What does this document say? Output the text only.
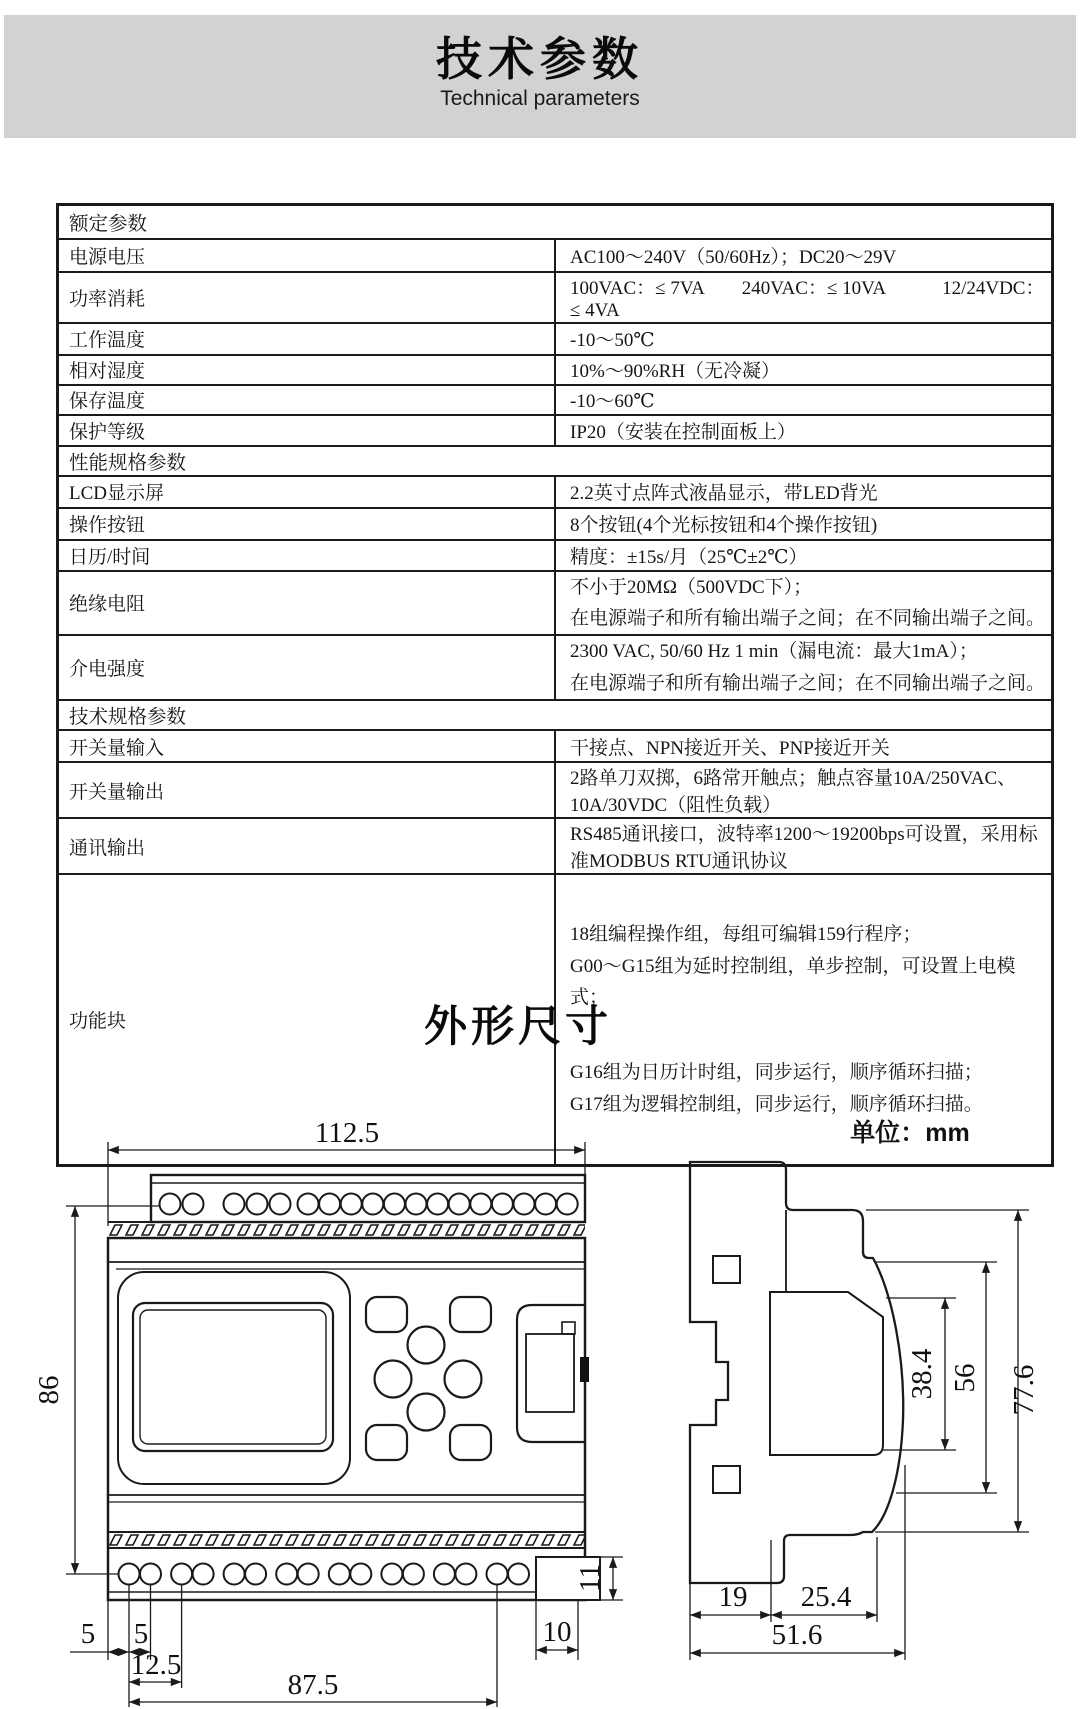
技术参数
Technical parameters
额定参数	
电源电压	AC100～240V（50/60Hz）；DC20～29V
功率消耗	100VAC：≤ 7VA　　240VAC：≤ 10VA　　　12/24VDC：≤ 4VA
工作温度	-10～50℃
相对湿度	10%～90%RH（无冷凝）
保存温度	-10～60℃
保护等级	IP20（安装在控制面板上）
性能规格参数	
LCD显示屏	2.2英寸点阵式液晶显示，带LED背光
操作按钮	8个按钮(4个光标按钮和4个操作按钮)
日历/时间	精度：±15s/月（25℃±2℃）
绝缘电阻	不小于20MΩ（500VDC下）；
在电源端子和所有输出端子之间；在不同输出端子之间。

介电强度	2300 VAC, 50/60 Hz 1 min（漏电流：最大1mA）；
在电源端子和所有输出端子之间；在不同输出端子之间。

技术规格参数	
开关量输入	干接点、NPN接近开关、PNP接近开关
开关量输出	2路单刀双掷，6路常开触点；触点容量10A/250VAC、10A/30VDC（阻性负载）
通讯输出	RS485通讯接口，波特率1200～19200bps可设置，采用标准MODBUS RTU通讯协议
功能块	18组编程操作组，每组可编辑159行程序；
G00～G15组为延时控制组，单步控制，可设置上电模式；

G16组为日历计时组，同步运行，顺序循环扫描；
G17组为逻辑控制组，同步运行，顺序循环扫描。

外形尺寸
112.5
86
5 5
12.5
87.5
10
11
单位：mm
38.4 56 77.6
19 25.4
51.6
